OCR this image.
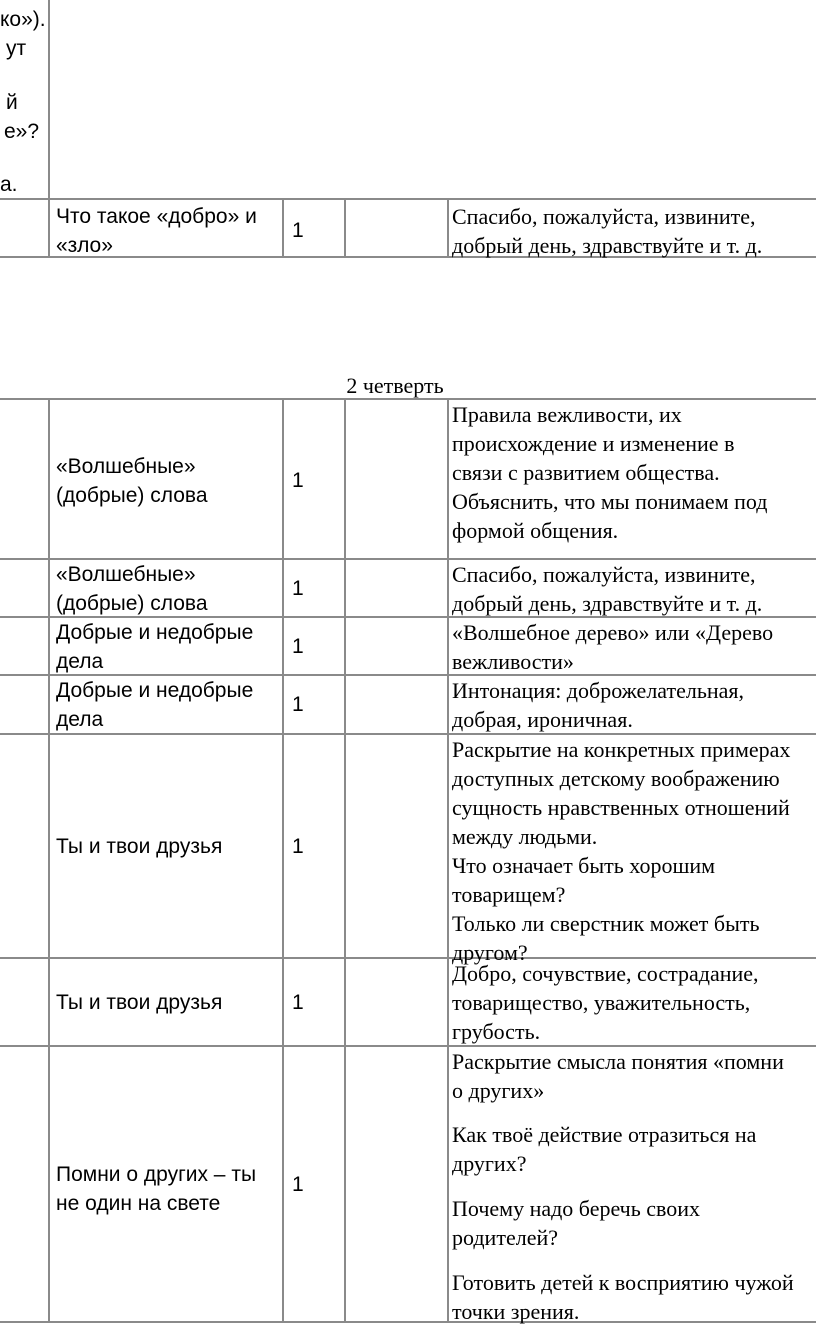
ко»).
ут
й
е»?
а.
Что такое «добро» и
«зло»
1
Спасибо, пожалуйста, извините,
добрый день, здравствуйте и т. д.
2 четверть
«Волшебные»
(добрые) слова
1
Правила вежливости, их
происхождение и изменение в
связи с развитием общества.
Объяснить, что мы понимаем под
формой общения.
«Волшебные»
(добрые) слова
1
Спасибо, пожалуйста, извините,
добрый день, здравствуйте и т. д.
Добрые и недобрые
дела
1
«Волшебное дерево» или «Дерево
вежливости»
Добрые и недобрые
дела
1
Интонация: доброжелательная,
добрая, ироничная.
Ты и твои друзья	1
Раскрытие на конкретных примерах
доступных детскому воображению
сущность нравственных отношений
между людьми.
Что означает быть хорошим
товарищем?
Только ли сверстник может быть
другом?
Ты и твои друзья	1
Добро, сочувствие, сострадание,
товарищество, уважительность,
грубость.
Помни о других – ты
не один на свете
1
Раскрытие смысла понятия «помни
о других»
Как твоё действие отразиться на
других?
Почему надо беречь своих
родителей?
Готовить детей к восприятию чужой
точки зрения.
